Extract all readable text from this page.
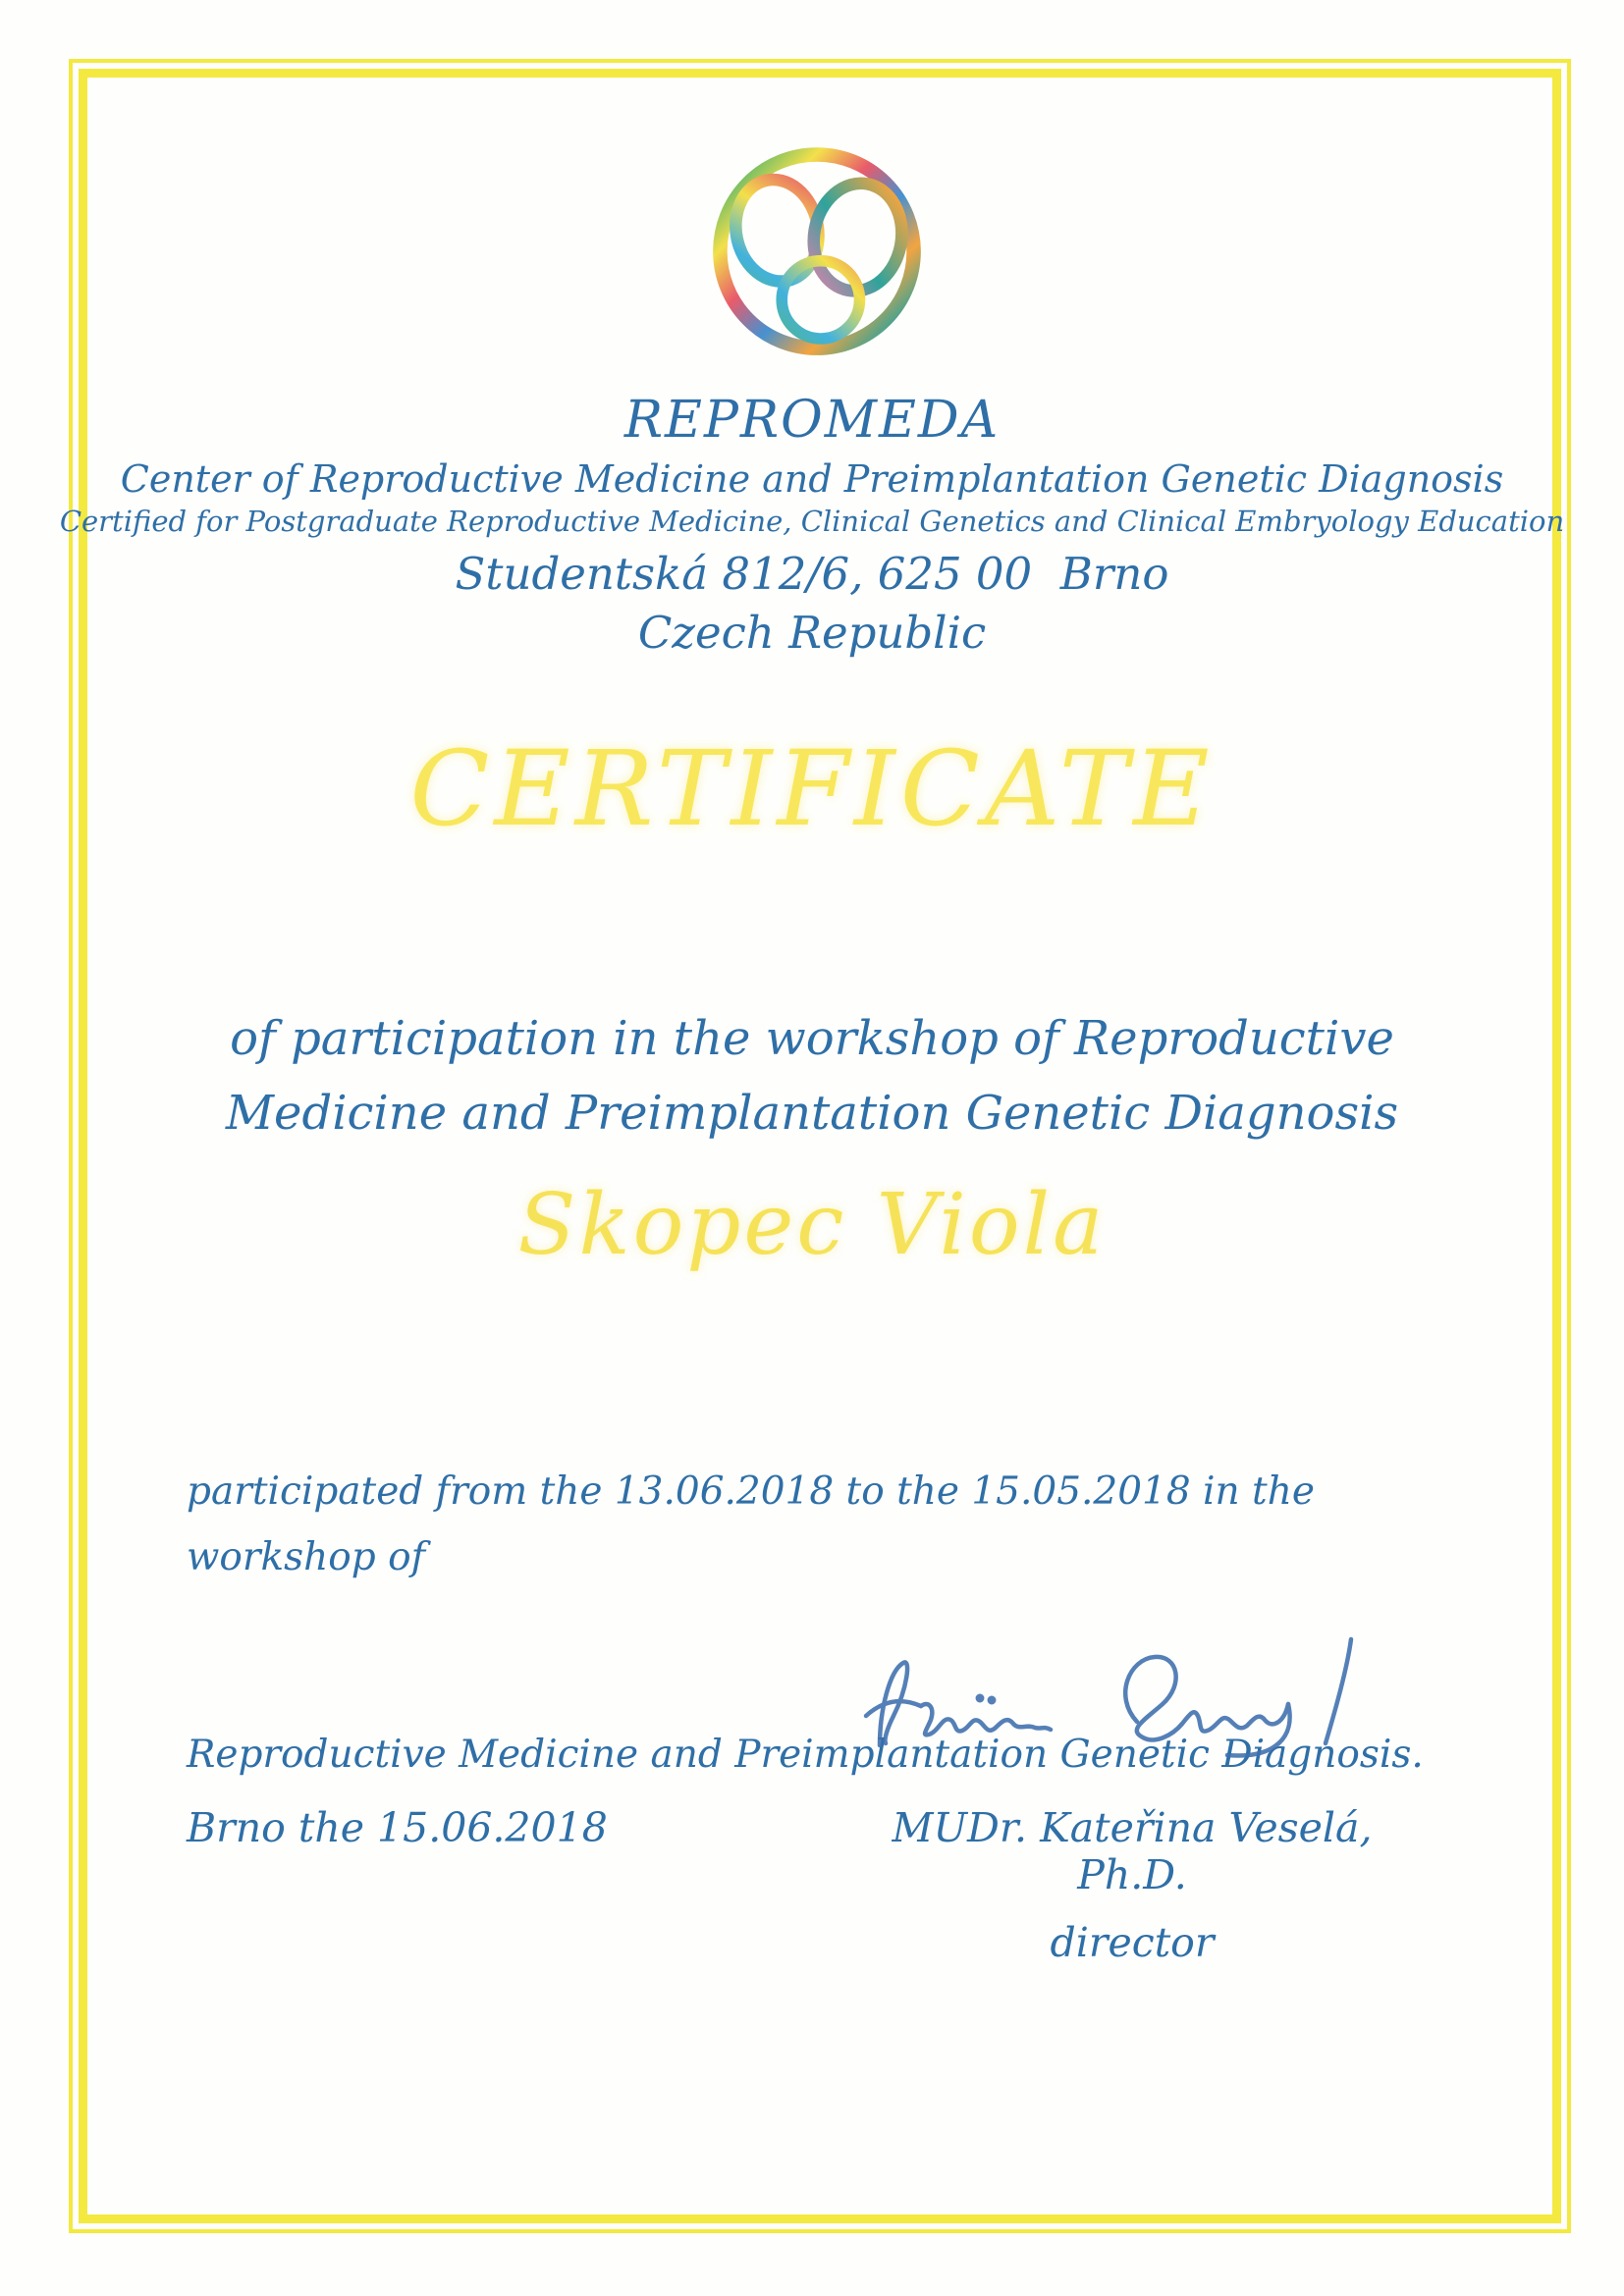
REPROMEDA
Center of Reproductive Medicine and Preimplantation Genetic Diagnosis
Certified for Postgraduate Reproductive Medicine, Clinical Genetics and Clinical Embryology Education
Studentská 812/6, 625 00  Brno
Czech Republic
CERTIFICATE
of participation in the workshop of Reproductive
Medicine and Preimplantation Genetic Diagnosis
Skopec Viola

participated from the 13.06.2018 to the 15.05.2018 in the workshop of

Reproductive Medicine and Preimplantation Genetic Diagnosis.

Brno the 15.06.2018	MUDr. Kateřina Veselá, Ph.D.
director
